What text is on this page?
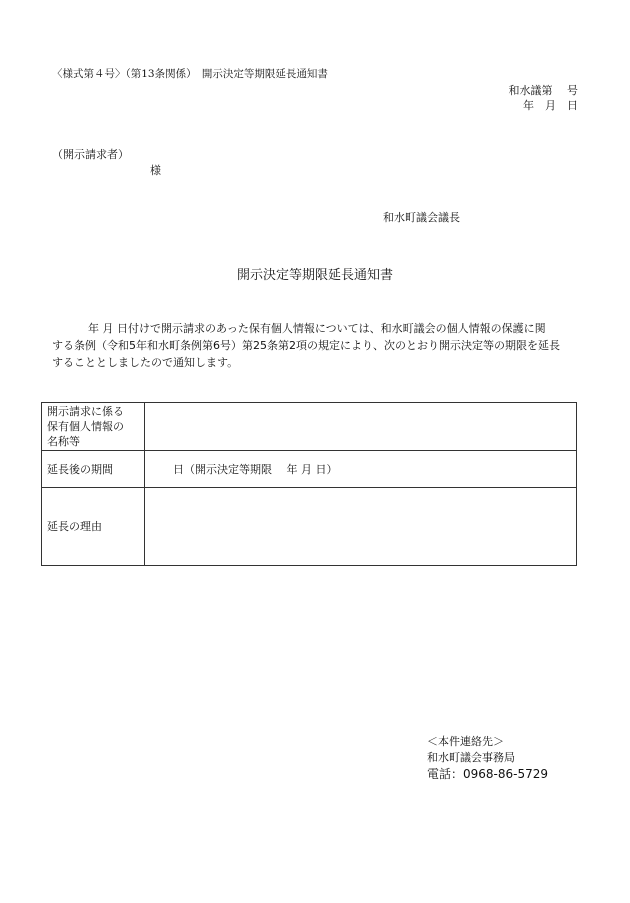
〈様式第４号〉（第13条関係）　開示決定等期限延長通知書
和水議第　 号
年　月　日
（開示請求者）
様
和水町議会議長
開示決定等期限延長通知書
年 月 日付けで開示請求のあった保有個人情報については、和水町議会の個人情報の保護に関
する条例（令和5年和水町条例第6号）第25条第2項の規定により、次のとおり開示決定等の期限を延長
することとしましたので通知します。
開示請求に係る
保有個人情報の
名称等	

延長後の期間	日（開示決定等期限　 年 月 日）
延長の理由	
＜本件連絡先＞
和水町議会事務局
電話：0968-86-5729
